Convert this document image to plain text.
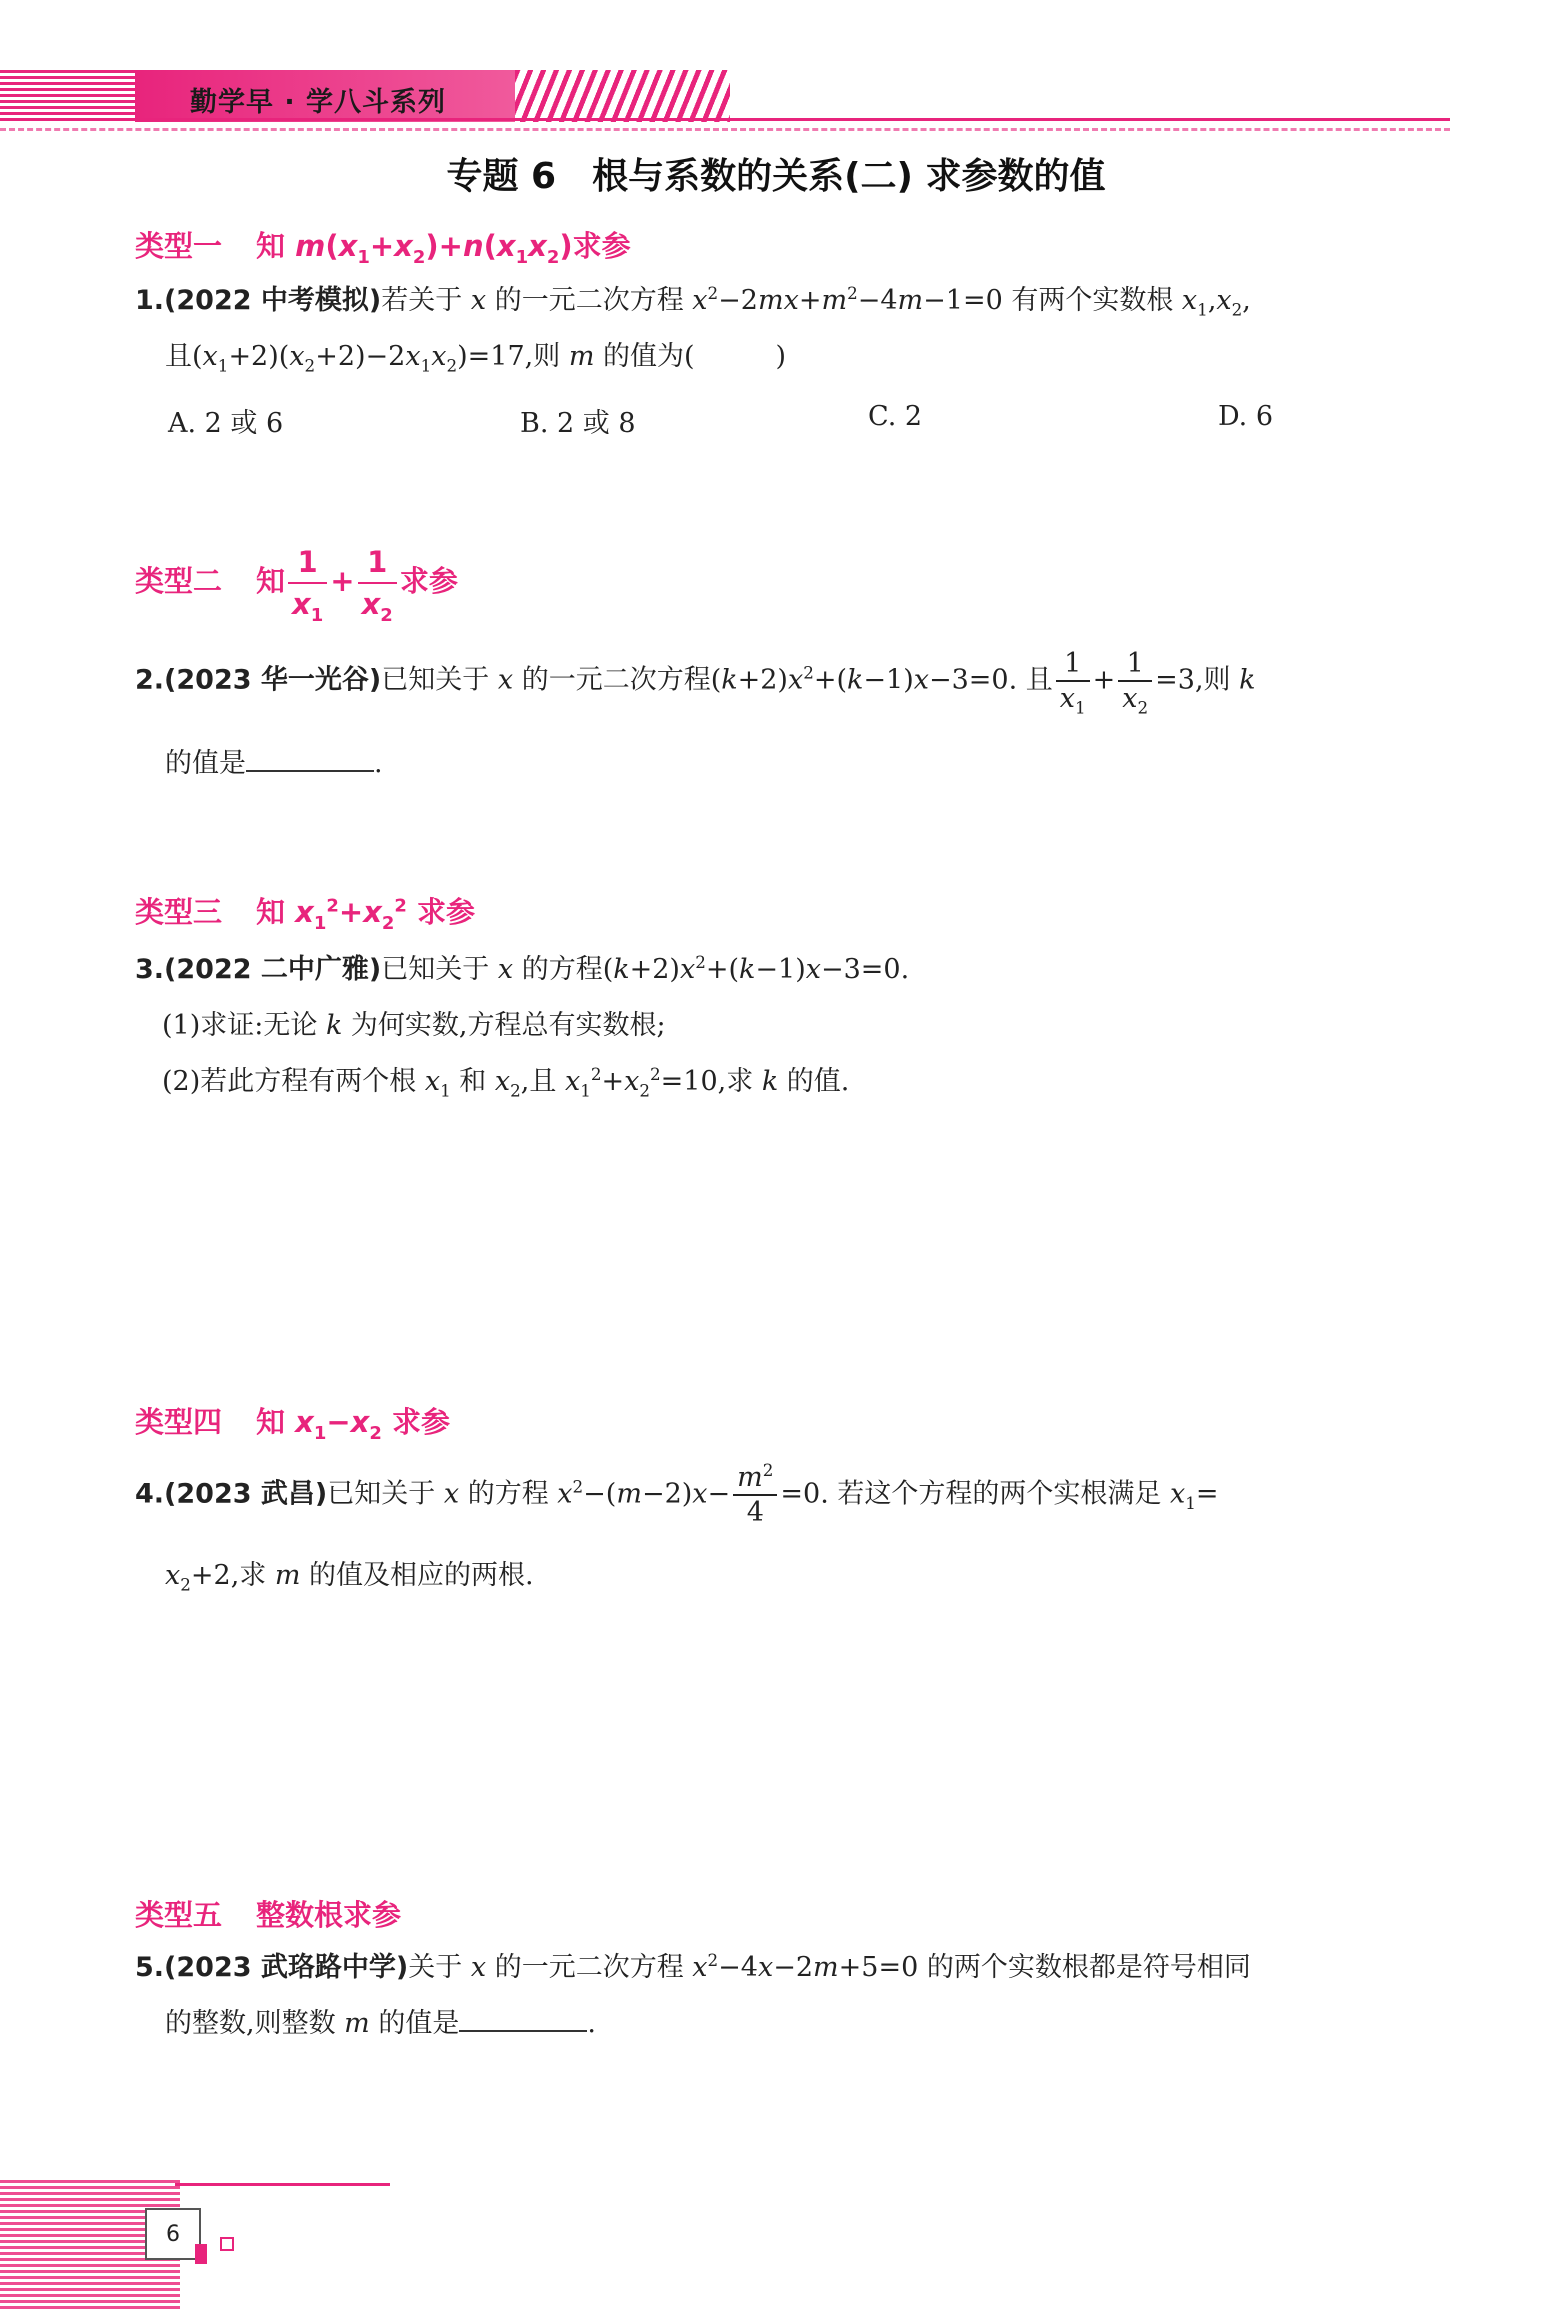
勤学早 · 学八斗系列
专题 6　根与系数的关系(二) 求参数的值
类型一 知 $m(x_1+x_2)+n(x_1x_2)$求参
1.(2022 中考模拟)若关于 x 的一元二次方程 $x^2-2mx+m^2-4m-1=0$ 有两个实数根 $x_1,x_2$,
且$(x_1+2)(x_2+2)-2x_1x_2)=17$,则 m 的值为(　　　)
A. 2 或 6	B. 2 或 8	C. 2	D. 6
类型二 知 $\frac{1}{x_1} + \frac{1}{x_2}$ 求参
2.(2023 华一光谷)已知关于 x 的一元二次方程$(k+2)x^2+(k-1)x-3=0$. 且 $\frac{1}{x_1} + \frac{1}{x_2} =3$,则 k
的值是	.
类型三 知 $x_1^2+x_2^2$ 求参
3.(2022 二中广雅)已知关于 x 的方程$(k+2)x^2+(k-1)x-3=0$.
(1)求证:无论 k 为何实数,方程总有实数根;
(2)若此方程有两个根 $x_1$ 和 $x_2$,且 $x_1^2+x_2^2=10$,求 k 的值.
类型四 知 $x_1-x_2$ 求参
4.(2023 武昌)已知关于 x 的方程 $x^2-(m-2)x- \frac{m^2}{4} =0$. 若这个方程的两个实根满足 $x_1=$
$x_2+2$,求 m 的值及相应的两根.
类型五 整数根求参
5.(2023 武珞路中学)关于 x 的一元二次方程 $x^2-4x-2m+5=0$ 的两个实数根都是符号相同
的整数,则整数 m 的值是	.
6
